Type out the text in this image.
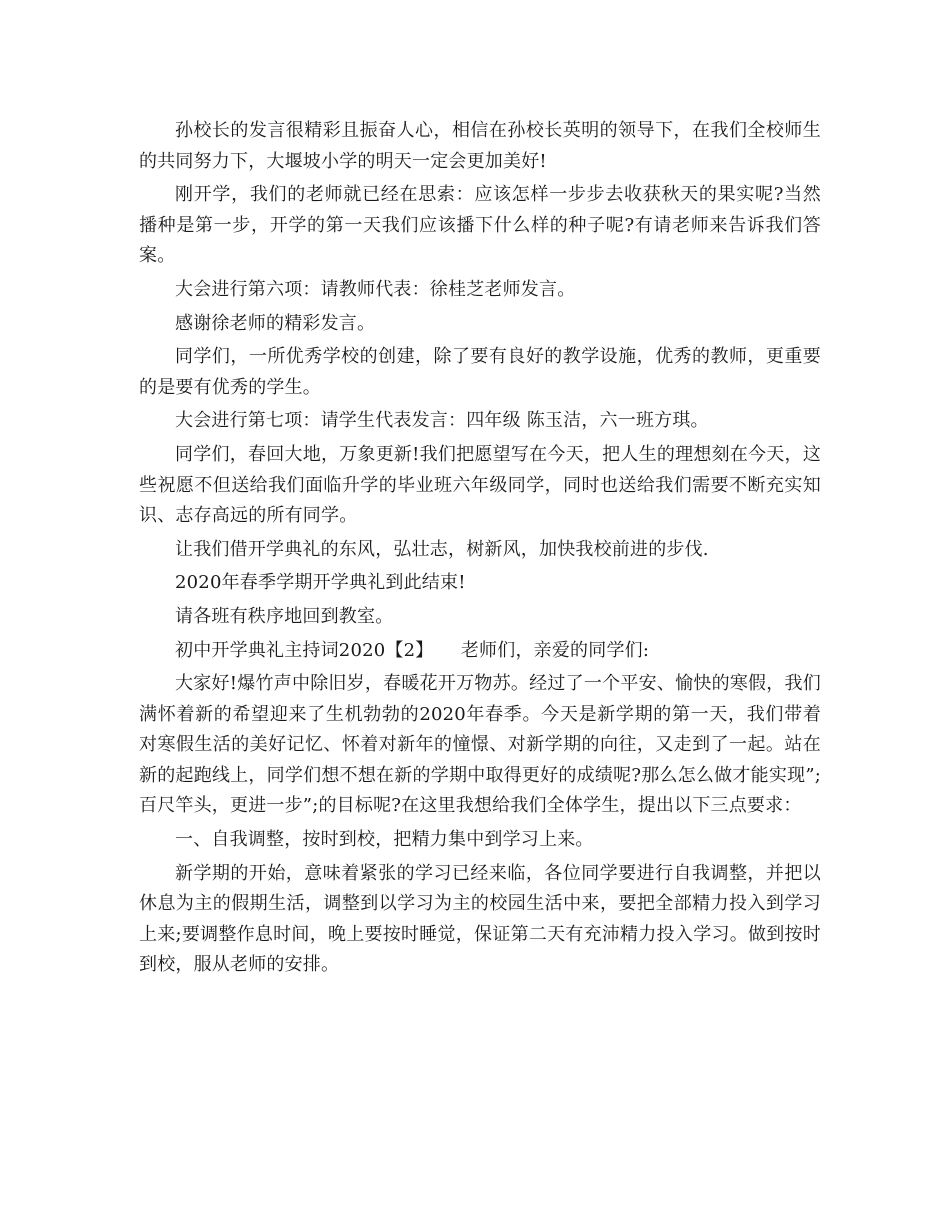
孙校长的发言很精彩且振奋人心，相信在孙校长英明的领导下，在我们全校师生的共同努力下，大堰坡小学的明天一定会更加美好!

刚开学，我们的老师就已经在思索：应该怎样一步步去收获秋天的果实呢?当然播种是第一步，开学的第一天我们应该播下什么样的种子呢?有请老师来告诉我们答案。

大会进行第六项：请教师代表：徐桂芝老师发言。

感谢徐老师的精彩发言。

同学们，一所优秀学校的创建，除了要有良好的教学设施，优秀的教师，更重要的是要有优秀的学生。

大会进行第七项：请学生代表发言：四年级 陈玉洁，六一班方琪。

同学们，春回大地，万象更新!我们把愿望写在今天，把人生的理想刻在今天，这些祝愿不但送给我们面临升学的毕业班六年级同学，同时也送给我们需要不断充实知识、志存高远的所有同学。

让我们借开学典礼的东风，弘壮志，树新风，加快我校前进的步伐.

2020年春季学期开学典礼到此结束!

请各班有秩序地回到教室。

初中开学典礼主持词2020【2】　　老师们，亲爱的同学们:

大家好!爆竹声中除旧岁，春暖花开万物苏。经过了一个平安、愉快的寒假，我们满怀着新的希望迎来了生机勃勃的2020年春季。今天是新学期的第一天，我们带着对寒假生活的美好记忆、怀着对新年的憧憬、对新学期的向往，又走到了一起。站在新的起跑线上，同学们想不想在新的学期中取得更好的成绩呢?那么怎么做才能实现”;百尺竿头，更进一步”;的目标呢?在这里我想给我们全体学生，提出以下三点要求：

一、自我调整，按时到校，把精力集中到学习上来。

新学期的开始，意味着紧张的学习已经来临，各位同学要进行自我调整，并把以休息为主的假期生活，调整到以学习为主的校园生活中来，要把全部精力投入到学习上来;要调整作息时间，晚上要按时睡觉，保证第二天有充沛精力投入学习。做到按时到校，服从老师的安排。
